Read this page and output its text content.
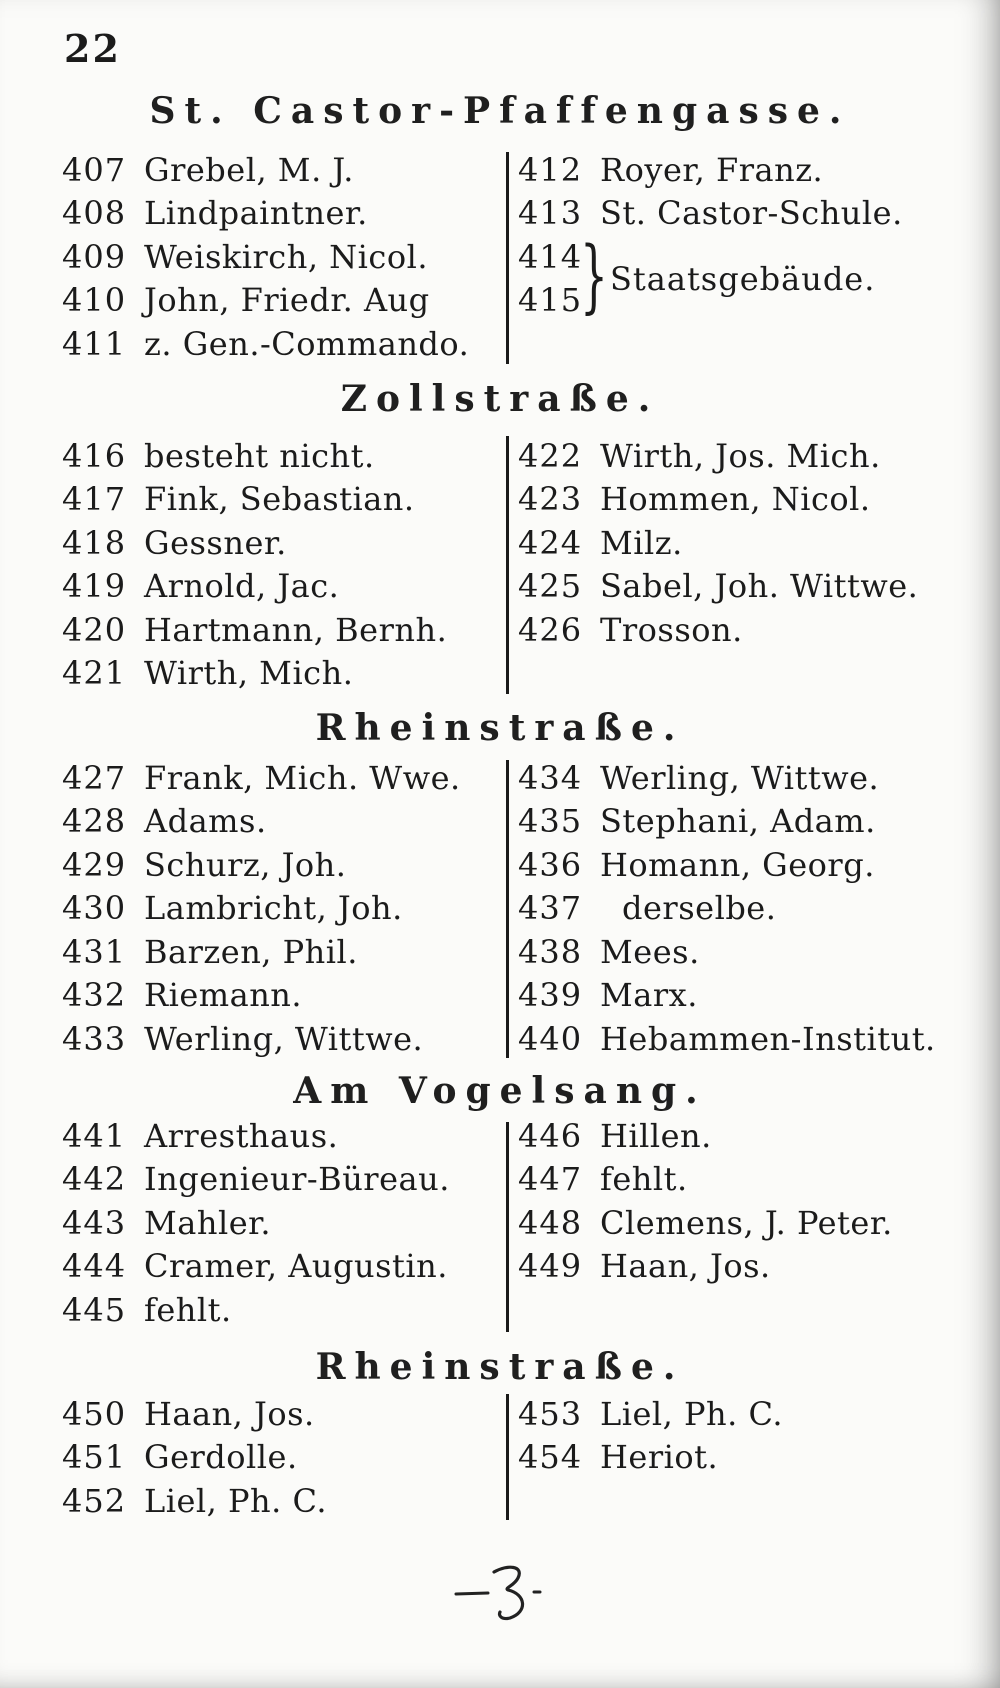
22
St. Castor-Pfaffengasse.
407 Grebel, M. J.
408 Lindpaintner.
409 Weiskirch, Nicol.
410 John, Friedr. Aug
411 z. Gen.-Commando.
412 Royer, Franz.
413 St. Castor-Schule.
414
415
} Staatsgebäude.
Zollstraße.
416 besteht nicht.
417 Fink, Sebastian.
418 Gessner.
419 Arnold, Jac.
420 Hartmann, Bernh.
421 Wirth, Mich.
422 Wirth, Jos. Mich.
423 Hommen, Nicol.
424 Milz.
425 Sabel, Joh. Wittwe.
426 Trosson.
Rheinstraße.
427 Frank, Mich. Wwe.
428 Adams.
429 Schurz, Joh.
430 Lambricht, Joh.
431 Barzen, Phil.
432 Riemann.
433 Werling, Wittwe.
434 Werling, Wittwe.
435 Stephani, Adam.
436 Homann, Georg.
437	derselbe.
438 Mees.
439 Marx.
440 Hebammen-Institut.
Am Vogelsang.
441 Arresthaus.
442 Ingenieur-Büreau.
443 Mahler.
444 Cramer, Augustin.
445 fehlt.
446 Hillen.
447 fehlt.
448 Clemens, J. Peter.
449 Haan, Jos.
Rheinstraße.
450 Haan, Jos.
451 Gerdolle.
452 Liel, Ph. C.
453 Liel, Ph. C.
454 Heriot.
